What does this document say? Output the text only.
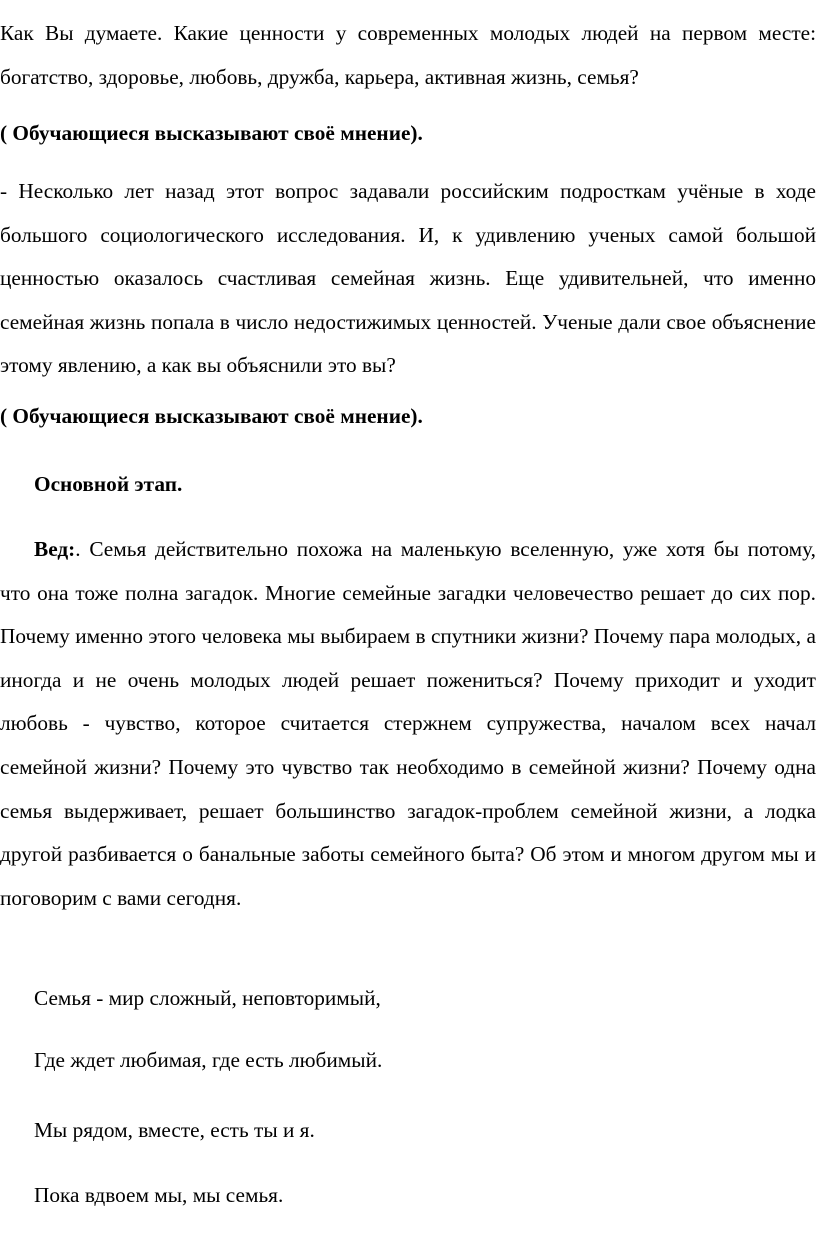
Как Вы думаете. Какие ценности у современных молодых людей на первом месте: богатство, здоровье, любовь, дружба, карьера, активная жизнь, семья?

( Обучающиеся высказывают своё мнение).

- Несколько лет назад этот вопрос задавали российским подросткам учёные в ходе большого социологического исследования. И, к удивлению ученых самой большой ценностью оказалось счастливая семейная жизнь. Еще удивительней, что именно семейная жизнь попала в число недостижимых ценностей. Ученые дали свое объяснение этому явлению, а как вы объяснили это вы?

( Обучающиеся высказывают своё мнение).

Основной этап.

Вед:. Семья действительно похожа на маленькую вселенную, уже хотя бы потому, что она тоже полна загадок. Многие семейные загадки человечество решает до сих пор. Почему именно этого человека мы выбираем в спутники жизни? Почему пара молодых, а иногда и не очень молодых людей решает пожениться? Почему приходит и уходит любовь - чувство, которое считается стержнем супружества, началом всех начал семейной жизни? Почему это чувство так необходимо в семейной жизни? Почему одна семья выдерживает, решает большинство загадок-проблем семейной жизни, а лодка другой разбивается о банальные заботы семейного быта? Об этом и многом другом мы и поговорим с вами сегодня.

Семья - мир сложный, неповторимый,

Где ждет любимая, где есть любимый.

Мы рядом, вместе, есть ты и я.

Пока вдвоем мы, мы семья.
